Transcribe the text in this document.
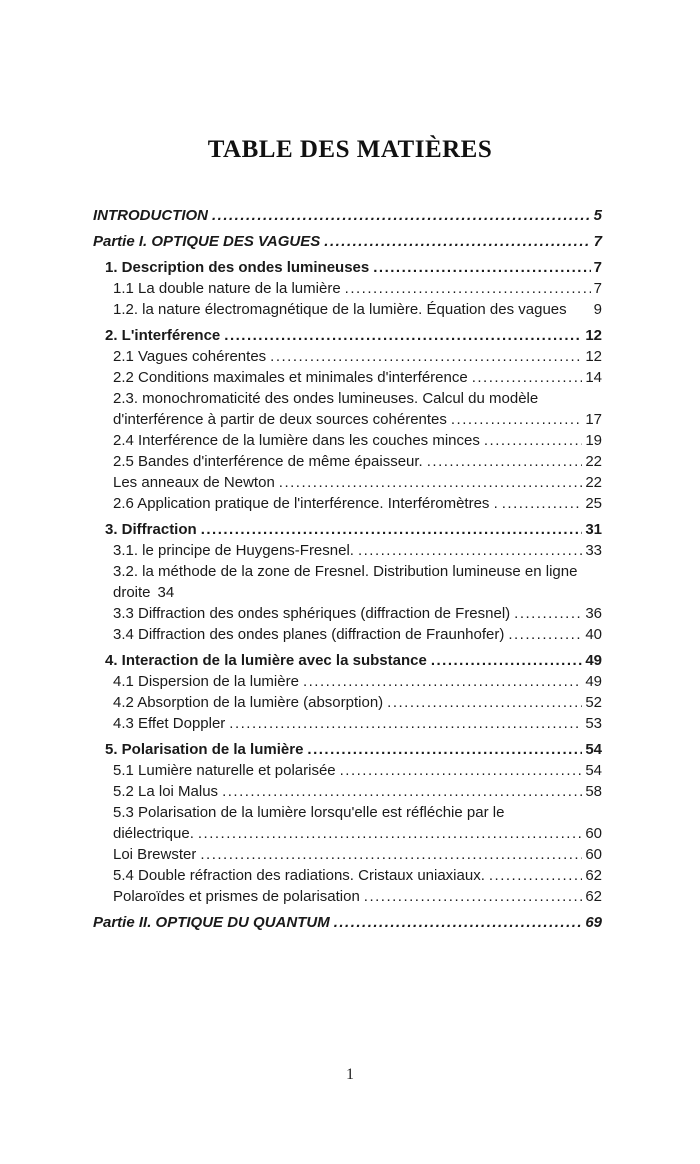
TABLE DES MATIÈRES
INTRODUCTION .....	5
Partie I. OPTIQUE DES VAGUES .....	7
1. Description des ondes lumineuses .....	7
1.1 La double nature de la lumière .....	7
1.2. la nature électromagnétique de la lumière. Équation des vagues 9
2. L'interférence .....	12
2.1 Vagues cohérentes .....	12
2.2 Conditions maximales et minimales d'interférence .....	14
2.3. monochromaticité des ondes lumineuses. Calcul du modèle
d'interférence à partir de deux sources cohérentes .....	17
2.4 Interférence de la lumière dans les couches minces .....	19
2.5 Bandes d'interférence de même épaisseur. .....	22
Les anneaux de Newton .....	22
2.6 Application pratique de l'interférence. Interféromètres . .....	25
3. Diffraction .....	31
3.1. le principe de Huygens-Fresnel. .....	33
3.2. la méthode de la zone de Fresnel. Distribution lumineuse en ligne
droite 34
3.3 Diffraction des ondes sphériques (diffraction de Fresnel) .....	36
3.4 Diffraction des ondes planes (diffraction de Fraunhofer) .....	40
4. Interaction de la lumière avec la substance .....	49
4.1 Dispersion de la lumière .....	49
4.2 Absorption de la lumière (absorption) .....	52
4.3 Effet Doppler .....	53
5. Polarisation de la lumière .....	54
5.1 Lumière naturelle et polarisée .....	54
5.2 La loi Malus .....	58
5.3 Polarisation de la lumière lorsqu'elle est réfléchie par le
diélectrique. .....	60
Loi Brewster .....	60
5.4 Double réfraction des radiations. Cristaux uniaxiaux. .....	62
Polaroïdes et prismes de polarisation .....	62
Partie II. OPTIQUE DU QUANTUM .....	69
1
